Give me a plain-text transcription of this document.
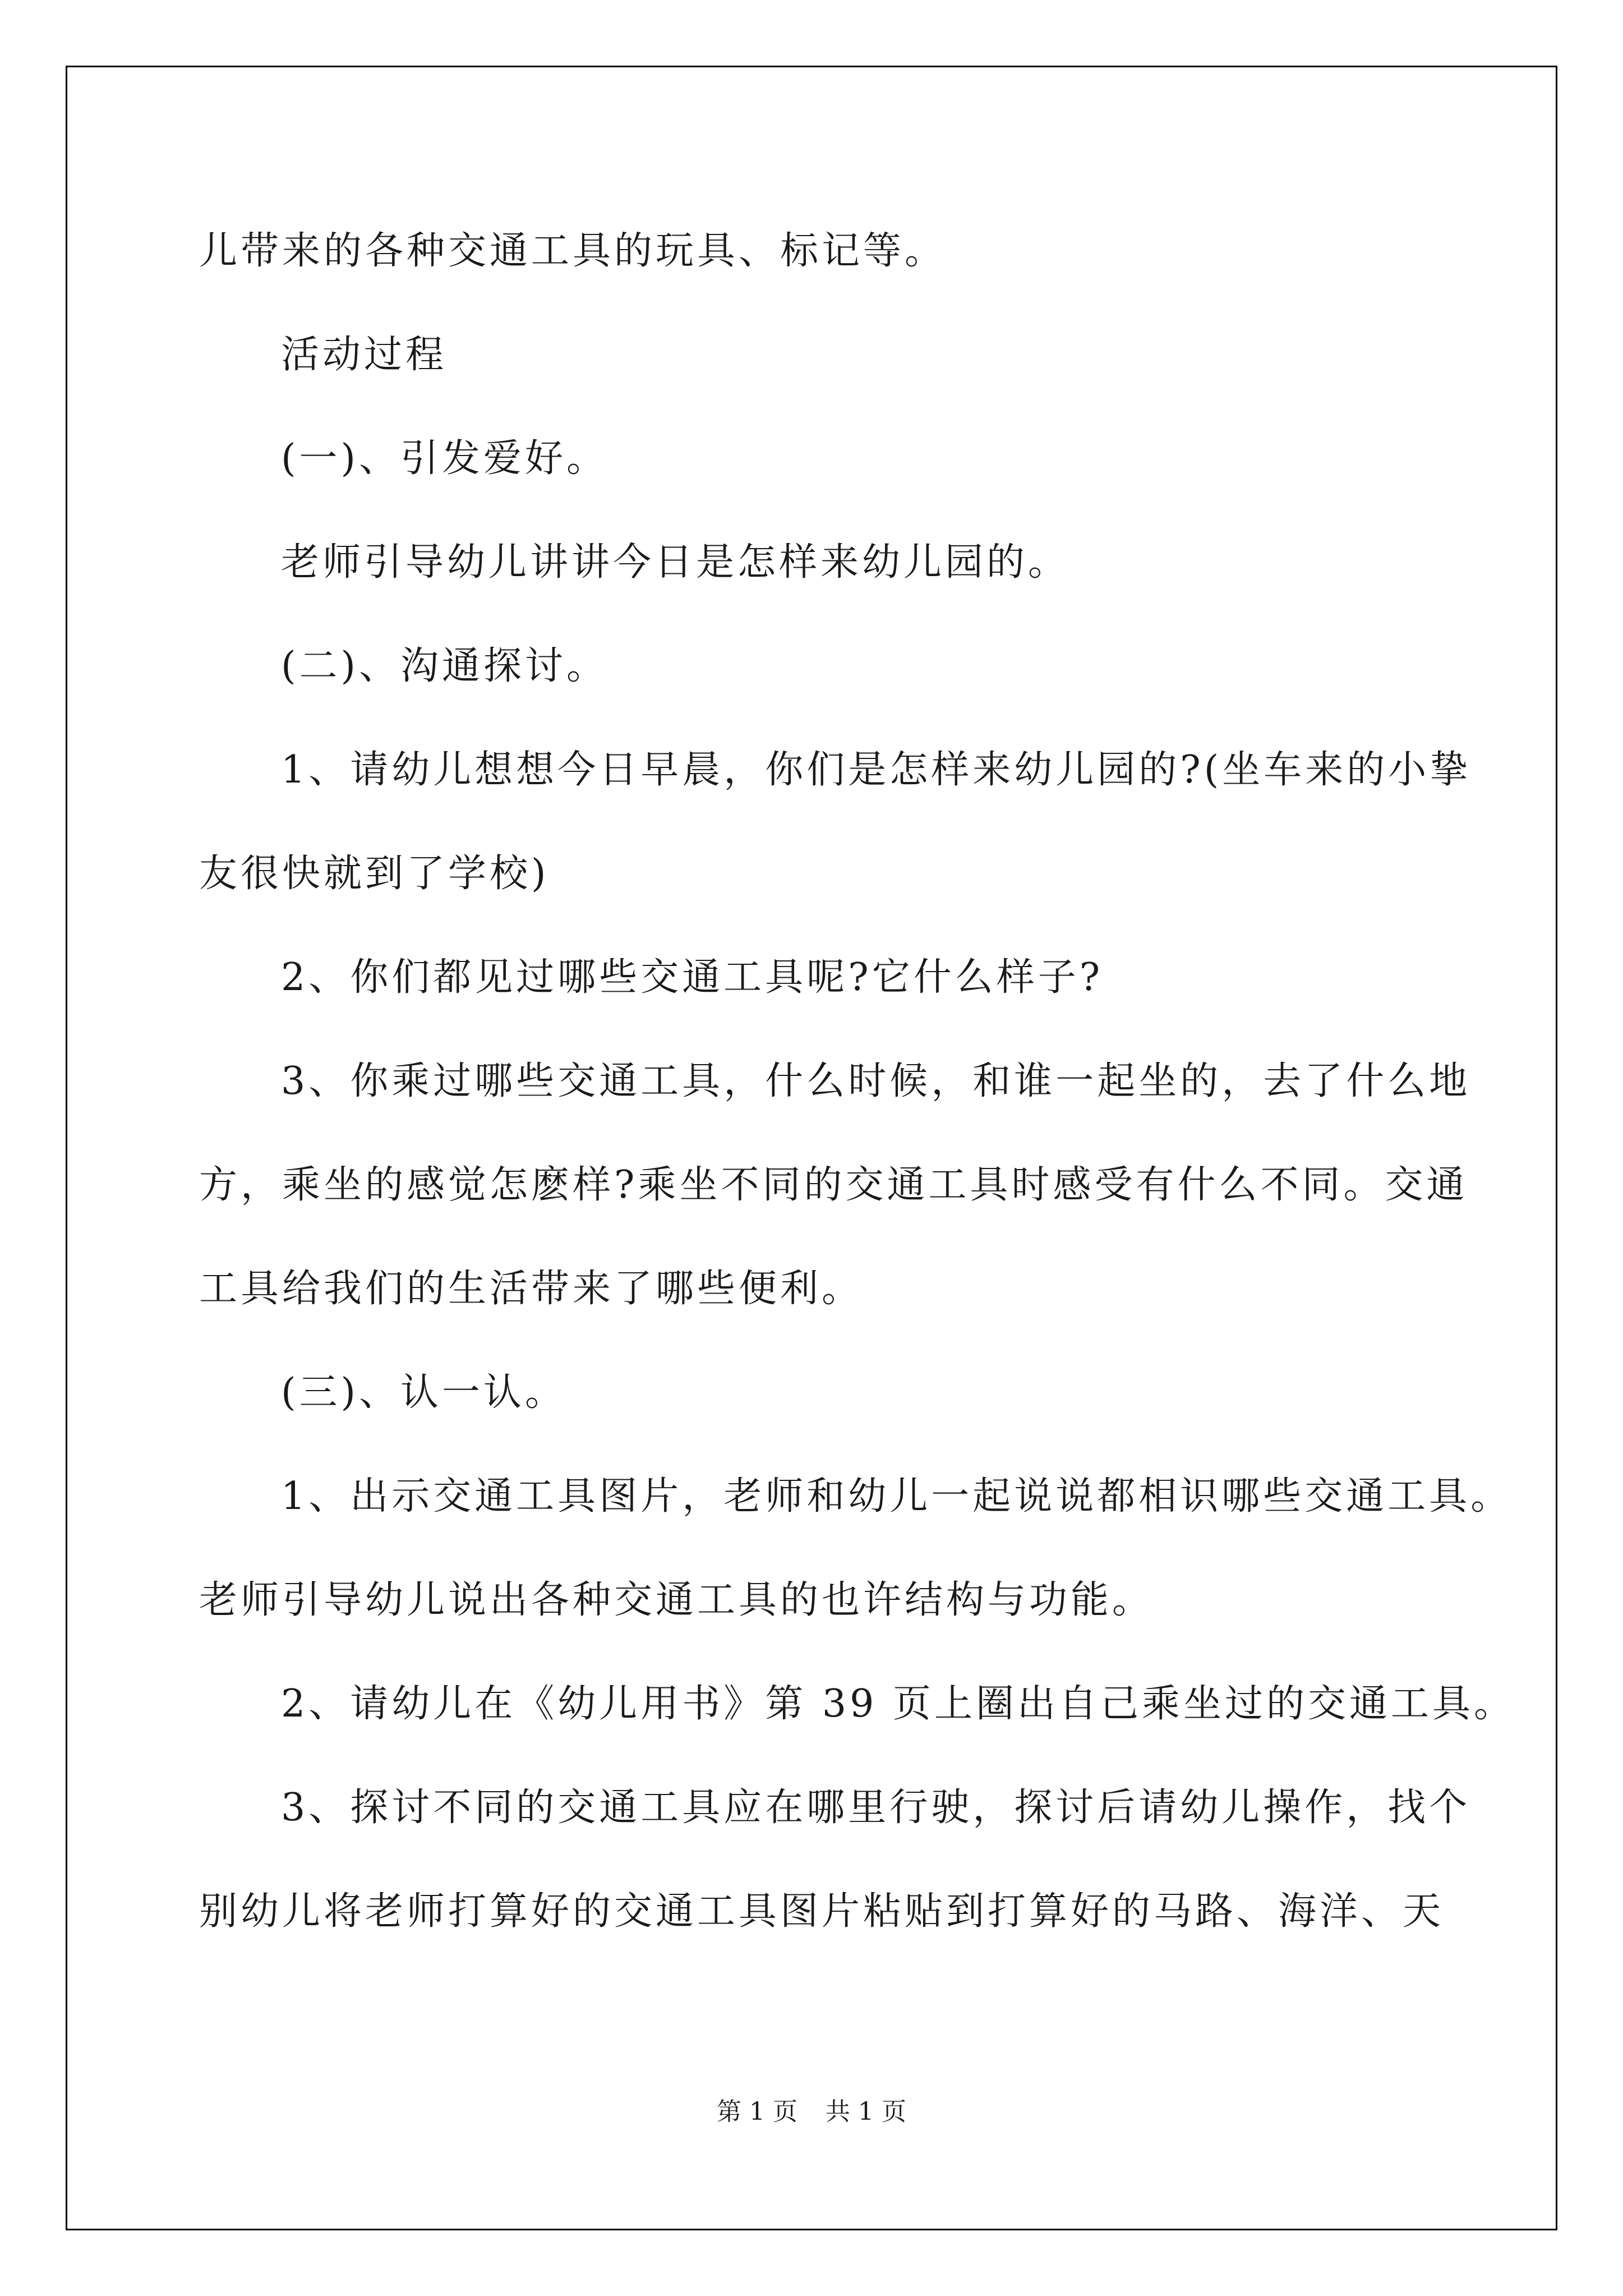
儿带来的各种交通工具的玩具、标记等。
活动过程
(一)、引发爱好。
老师引导幼儿讲讲今日是怎样来幼儿园的。
(二)、沟通探讨。
1、请幼儿想想今日早晨，你们是怎样来幼儿园的?(坐车来的小挚
友很快就到了学校)
2、你们都见过哪些交通工具呢?它什么样子?
3、你乘过哪些交通工具，什么时候，和谁一起坐的，去了什么地
方，乘坐的感觉怎麽样?乘坐不同的交通工具时感受有什么不同。交通
工具给我们的生活带来了哪些便利。
(三)、认一认。
1、出示交通工具图片，老师和幼儿一起说说都相识哪些交通工具。
老师引导幼儿说出各种交通工具的也许结构与功能。
2、请幼儿在《幼儿用书》第 39 页上圈出自己乘坐过的交通工具。
3、探讨不同的交通工具应在哪里行驶，探讨后请幼儿操作，找个
别幼儿将老师打算好的交通工具图片粘贴到打算好的马路、海洋、天
第 1 页 共 1 页
